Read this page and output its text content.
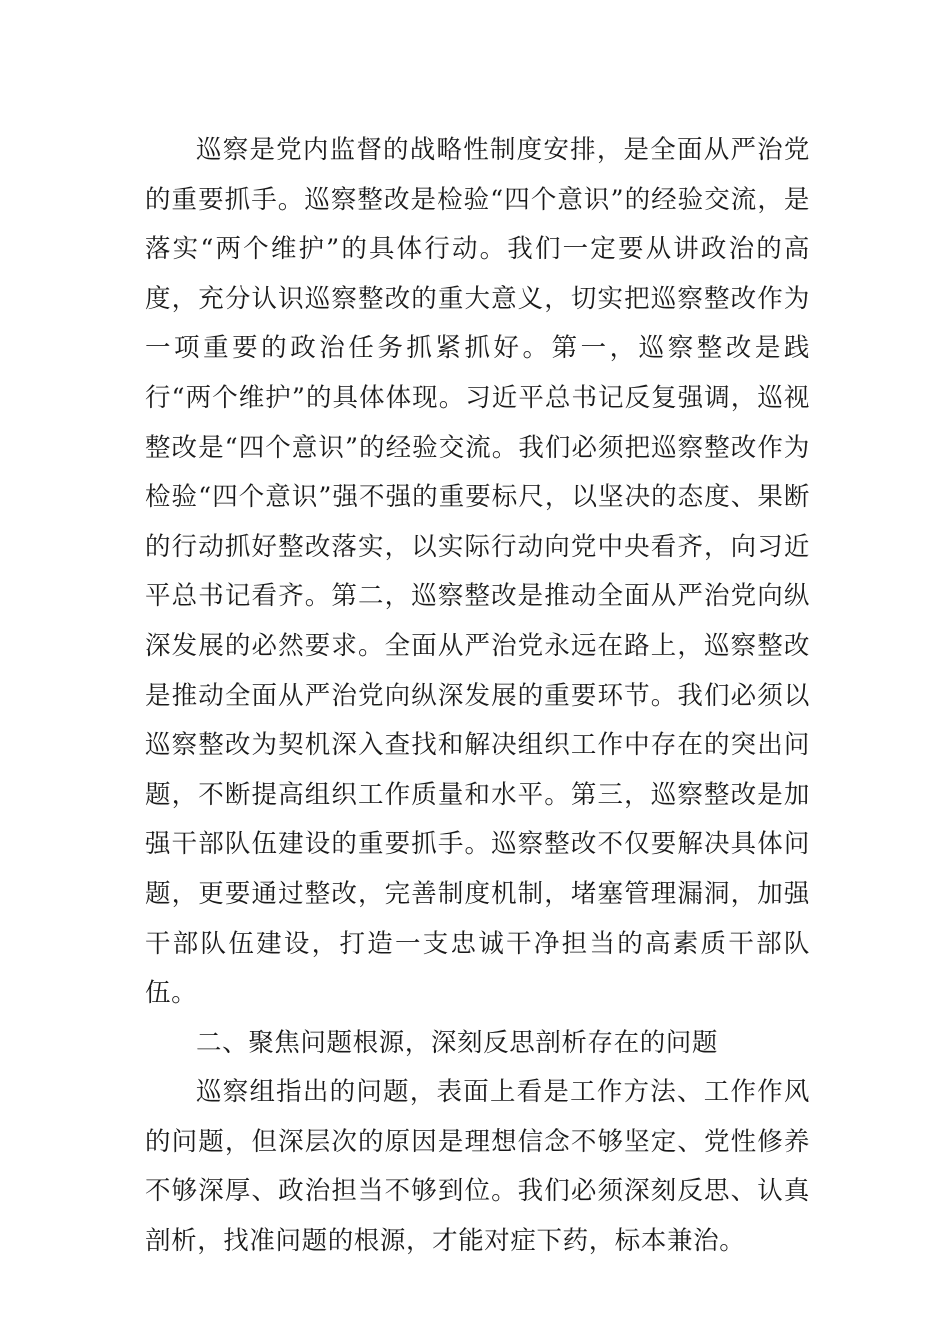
巡察是党内监督的战略性制度安排，是全面从严治党的重要抓手。巡察整改是检验“四个意识”的经验交流，是落实“两个维护”的具体行动。我们一定要从讲政治的高度，充分认识巡察整改的重大意义，切实把巡察整改作为一项重要的政治任务抓紧抓好。第一，巡察整改是践行“两个维护”的具体体现。习近平总书记反复强调，巡视整改是“四个意识”的经验交流。我们必须把巡察整改作为检验“四个意识”强不强的重要标尺，以坚决的态度、果断的行动抓好整改落实，以实际行动向党中央看齐，向习近平总书记看齐。第二，巡察整改是推动全面从严治党向纵深发展的必然要求。全面从严治党永远在路上，巡察整改是推动全面从严治党向纵深发展的重要环节。我们必须以巡察整改为契机深入查找和解决组织工作中存在的突出问题，不断提高组织工作质量和水平。第三，巡察整改是加强干部队伍建设的重要抓手。巡察整改不仅要解决具体问题，更要通过整改，完善制度机制，堵塞管理漏洞，加强干部队伍建设，打造一支忠诚干净担当的高素质干部队伍。

二、聚焦问题根源，深刻反思剖析存在的问题

巡察组指出的问题，表面上看是工作方法、工作作风的问题，但深层次的原因是理想信念不够坚定、党性修养不够深厚、政治担当不够到位。我们必须深刻反思、认真剖析，找准问题的根源，才能对症下药，标本兼治。
